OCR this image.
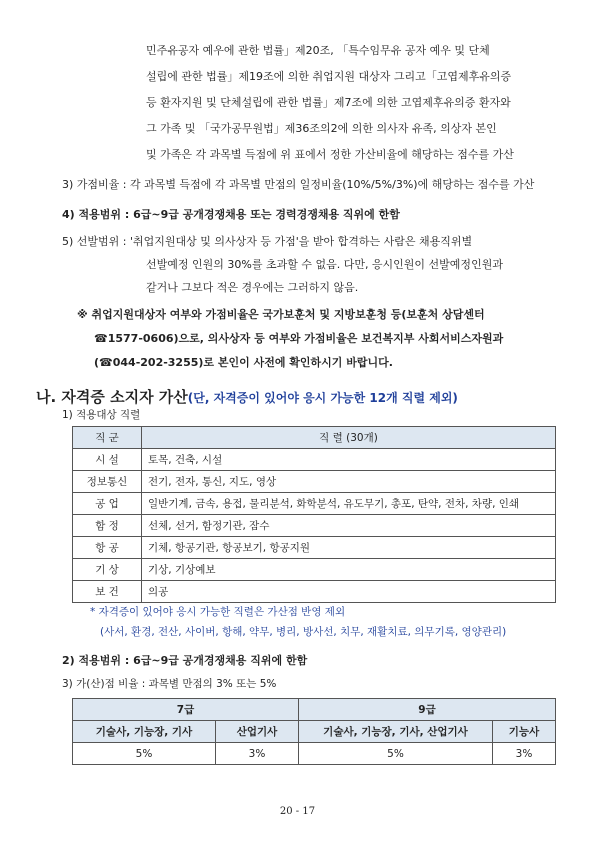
민주유공자 예우에 관한 법률」제20조, 「특수임무유 공자 예우 및 단체
설립에 관한 법률」제19조에 의한 취업지원 대상자 그리고「고엽제후유의증
등 환자지원 및 단체설립에 관한 법률」제7조에 의한 고엽제후유의증 환자와
그 가족 및 「국가공무원법」제36조의2에 의한 의사자 유족, 의상자 본인
및 가족은 각 과목별 득점에 위 표에서 정한 가산비율에 해당하는 점수를 가산
3) 가점비율 : 각 과목별 득점에 각 과목별 만점의 일정비율(10%/5%/3%)에 해당하는 점수를 가산
4) 적용범위 : 6급~9급 공개경쟁채용 또는 경력경쟁채용 직위에 한함
5) 선발범위 : '취업지원대상 및 의사상자 등 가점'을 받아 합격하는 사람은 채용직위별
선발예정 인원의 30%를 초과할 수 없음. 다만, 응시인원이 선발예정인원과
같거나 그보다 적은 경우에는 그러하지 않음.
※ 취업지원대상자 여부와 가점비율은 국가보훈처 및 지방보훈청 등(보훈처 상담센터
☎1577-0606)으로, 의사상자 등 여부와 가점비율은 보건복지부 사회서비스자원과
(☎044-202-3255)로 본인이 사전에 확인하시기 바랍니다.
나. 자격증 소지자 가산(단, 자격증이 있어야 응시 가능한 12개 직렬 제외)
1) 적용대상 직렬
직 군	직 렬 (30개)
시 설	토목, 건축, 시설
정보통신	전기, 전자, 통신, 지도, 영상
공 업	일반기계, 금속, 용접, 물리분석, 화학분석, 유도무기, 총포, 탄약, 전차, 차량, 인쇄
함 정	선체, 선거, 함정기관, 잠수
항 공	기체, 항공기관, 항공보기, 항공지원
기 상	기상, 기상예보
보 건	의공
* 자격증이 있어야 응시 가능한 직렬은 가산점 반영 제외
(사서, 환경, 전산, 사이버, 항해, 약무, 병리, 방사선, 치무, 재활치료, 의무기록, 영양관리)
2) 적용범위 : 6급~9급 공개경쟁채용 직위에 한함
3) 가(산)점 비율 : 과목별 만점의 3% 또는 5%
7급		9급	
기술사, 기능장, 기사	산업기사	기술사, 기능장, 기사, 산업기사	기능사
5%	3%	5%	3%
20 - 17
